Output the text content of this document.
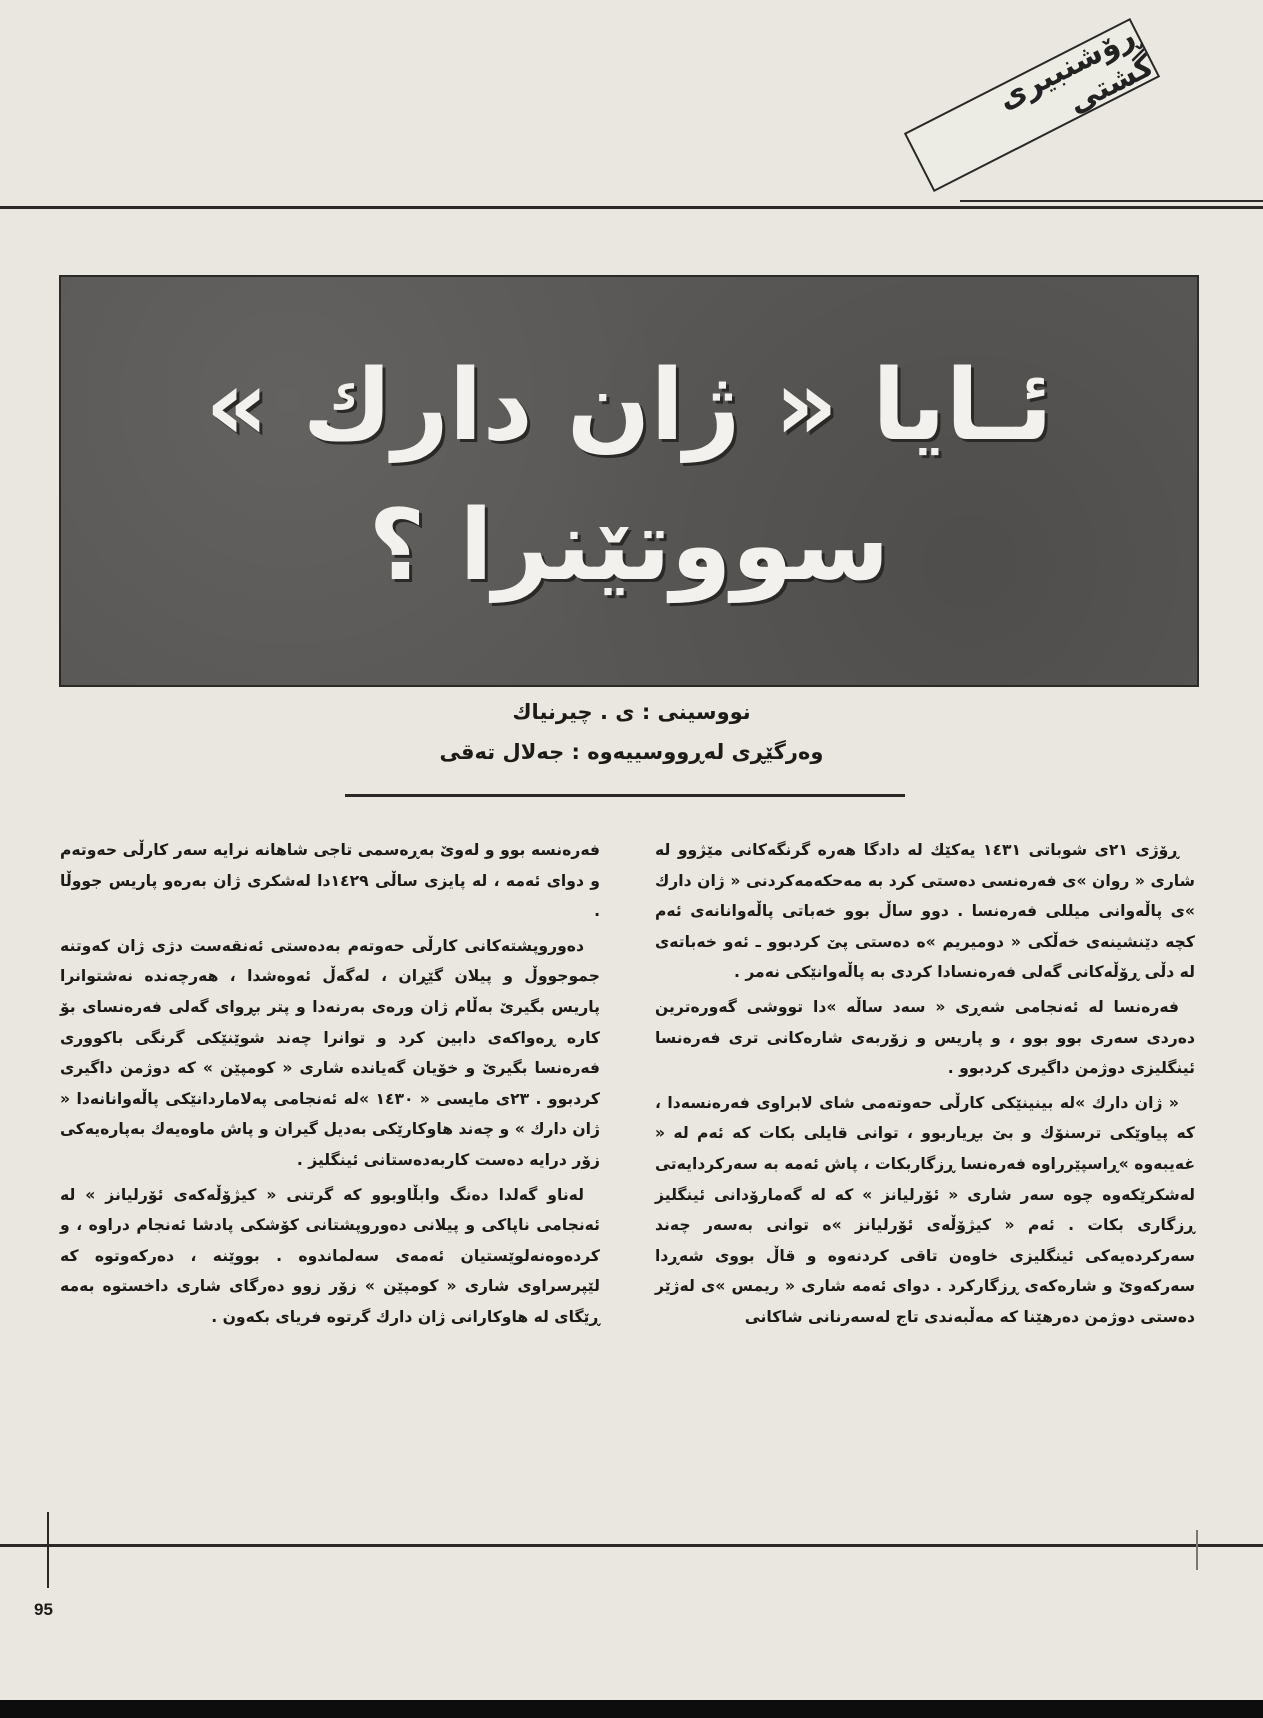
ڕۆشنبیری گشتی
ئـايا « ژان دارك »
سووتێنرا ؟
نووسینی : ی . چیرنیاك
وەرگێڕی لەڕووسییەوە : جەلال تەقی

ڕۆژی ٢١ی شوباتی ١٤٣١ یەكێك لە دادگا هەرە گرنگەكانی مێژوو لە شاری « روان »ی فەرەنسی دەستی كرد بە مەحكەمەكردنی « ژان دارك »ی پاڵەوانی میللی فەرەنسا . دوو ساڵ بوو خەباتی پاڵەوانانەی ئەم كچە دێنشینەی خەڵكی « دومیریم »ە دەستی پێ كردبوو ـ ئەو خەباتەی لە دڵی ڕۆڵەكانی گەلی فەرەنسادا كردی بە پاڵەوانێكی نەمر .

فەرەنسا لە ئەنجامی شەڕی « سەد ساڵە »دا تووشی گەورەترین دەردی سەری بوو بوو ، و پاریس و زۆربەی شارەكانی تری فەرەنسا ئینگلیزی دوژمن داگیری كردبوو .

« ژان دارك »لە بینینێكی كارڵی حەوتەمی شای لابراوی فەرەنسەدا ، كە پیاوێكی ترسنۆك و بێ بڕیاربوو ، توانی قایلی بكات كە ئەم لە « غەیبەوە »ڕاسپێرراوە فەرەنسا ڕزگاربكات ، پاش ئەمە بە سەركردایەتی لەشكرێكەوە چوە سەر شاری « ئۆرلیانز » كە لە گەمارۆدانی ئینگلیز ڕزگاری بكات . ئەم « كیژۆڵەی ئۆرلیانز »ە توانی بەسەر چەند سەركردەیەكی ئینگلیزی خاوەن تاقی كردنەوە و قاڵ بووی شەڕدا سەركەوێ و شارەكەی ڕزگاركرد . دوای ئەمە شاری « ریمس »ی لەژێر دەستی دوژمن دەرهێنا كە مەڵبەندی تاج لەسەرنانی شاكانی

فەرەنسە بوو و لەوێ بەڕەسمی تاجی شاهانە نرایە سەر كارڵی حەوتەم و دوای ئەمە ، لە پایزی ساڵی ١٤٢٩دا لەشكری ژان بەرەو پاریس جووڵا .

دەوروپشتەكانی كارڵی حەوتەم بەدەستی ئەنقەست دژی ژان كەوتنە جموجووڵ و پیلان گێڕان ، لەگەڵ ئەوەشدا ، هەرچەندە نەشتوانرا پاریس بگیرێ بەڵام ژان ورەی بەرنەدا و پتر بڕوای گەلی فەرەنسای بۆ كارە ڕەواكەی دابین كرد و توانرا چەند شوێنێكی گرنگی باكووری فەرەنسا بگیرێ و خۆیان گەیاندە شاری « كومپێن » كە دوژمن داگیری كردبوو . ٢٣ی مایسی « ١٤٣٠ »لە ئەنجامی پەلاماردانێكی پاڵەوانانەدا « ژان دارك » و چەند هاوكارێكی بەدیل گیران و پاش ماوەیەك بەپارەیەكی زۆر درایە دەست كاربەدەستانی ئینگلیز .

لەناو گەلدا دەنگ وابڵاوبوو كە گرتنی « كیژۆڵەكەی ئۆرلیانز » لە ئەنجامی ناپاكی و پیلانی دەوروپشتانی كۆشكی پادشا ئەنجام دراوە ، و كردەوەنەلوێستیان ئەمەی سەلماندوە . بووێنە ، دەركەوتوە كە لێپرسراوی شاری « كومپێن » زۆر زوو دەرگای شاری داخستوە بەمە ڕێگای لە هاوكارانی ژان دارك گرتوە فریای بكەون .

95
